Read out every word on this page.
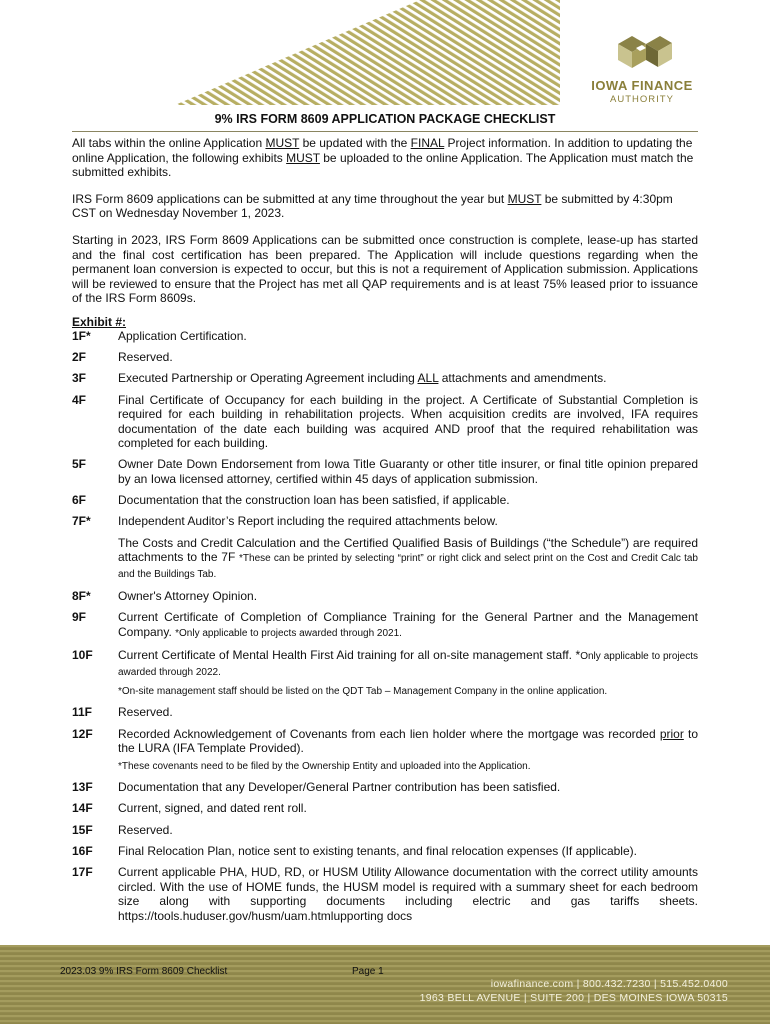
IOWA FINANCE
AUTHORITY
9% IRS FORM 8609 APPLICATION PACKAGE CHECKLIST

All tabs within the online Application MUST be updated with the FINAL Project information. In addition to updating the online Application, the following exhibits MUST be uploaded to the online Application. The Application must match the submitted exhibits.

IRS Form 8609 applications can be submitted at any time throughout the year but MUST be submitted by 4:30pm CST on Wednesday November 1, 2023.

Starting in 2023, IRS Form 8609 Applications can be submitted once construction is complete, lease-up has started and the final cost certification has been prepared. The Application will include questions regarding when the permanent loan conversion is expected to occur, but this is not a requirement of Application submission. Applications will be reviewed to ensure that the Project has met all QAP requirements and is at least 75% leased prior to issuance of the IRS Form 8609s.

Exhibit #:
1F*	Application Certification.
2F	Reserved.
3F	Executed Partnership or Operating Agreement including ALL attachments and amendments.
4F	Final Certificate of Occupancy for each building in the project. A Certificate of Substantial Completion is required for each building in rehabilitation projects. When acquisition credits are involved, IFA requires documentation of the date each building was acquired AND proof that the required rehabilitation was completed for each building.
5F	Owner Date Down Endorsement from Iowa Title Guaranty or other title insurer, or final title opinion prepared by an Iowa licensed attorney, certified within 45 days of application submission.
6F	Documentation that the construction loan has been satisfied, if applicable.
7F*	Independent Auditor’s Report including the required attachments below.
The Costs and Credit Calculation and the Certified Qualified Basis of Buildings (“the Schedule”) are required attachments to the 7F *These can be printed by selecting “print” or right click and select print on the Cost and Credit Calc tab and the Buildings Tab.
8F*	Owner's Attorney Opinion.
9F	Current Certificate of Completion of Compliance Training for the General Partner and the Management Company. *Only applicable to projects awarded through 2021.
10F	Current Certificate of Mental Health First Aid training for all on-site management staff. *Only applicable to projects awarded through 2022.
*On-site management staff should be listed on the QDT Tab – Management Company in the online application.
11F	Reserved.
12F	Recorded Acknowledgement of Covenants from each lien holder where the mortgage was recorded prior to the LURA (IFA Template Provided).
*These covenants need to be filed by the Ownership Entity and uploaded into the Application.
13F	Documentation that any Developer/General Partner contribution has been satisfied.
14F	Current, signed, and dated rent roll.
15F	Reserved.
16F	Final Relocation Plan, notice sent to existing tenants, and final relocation expenses (If applicable).
17F	Current applicable PHA, HUD, RD, or HUSM Utility Allowance documentation with the correct utility amounts circled. With the use of HOME funds, the HUSM model is required with a summary sheet for each bedroom size along with supporting documents including electric and gas tariffs sheets. https://tools.huduser.gov/husm/uam.htmlupporting docs
2023.03 9% IRS Form 8609 Checklist	Page 1
iowafinance.com | 800.432.7230 | 515.452.0400
1963 BELL AVENUE | SUITE 200 | DES MOINES IOWA 50315
